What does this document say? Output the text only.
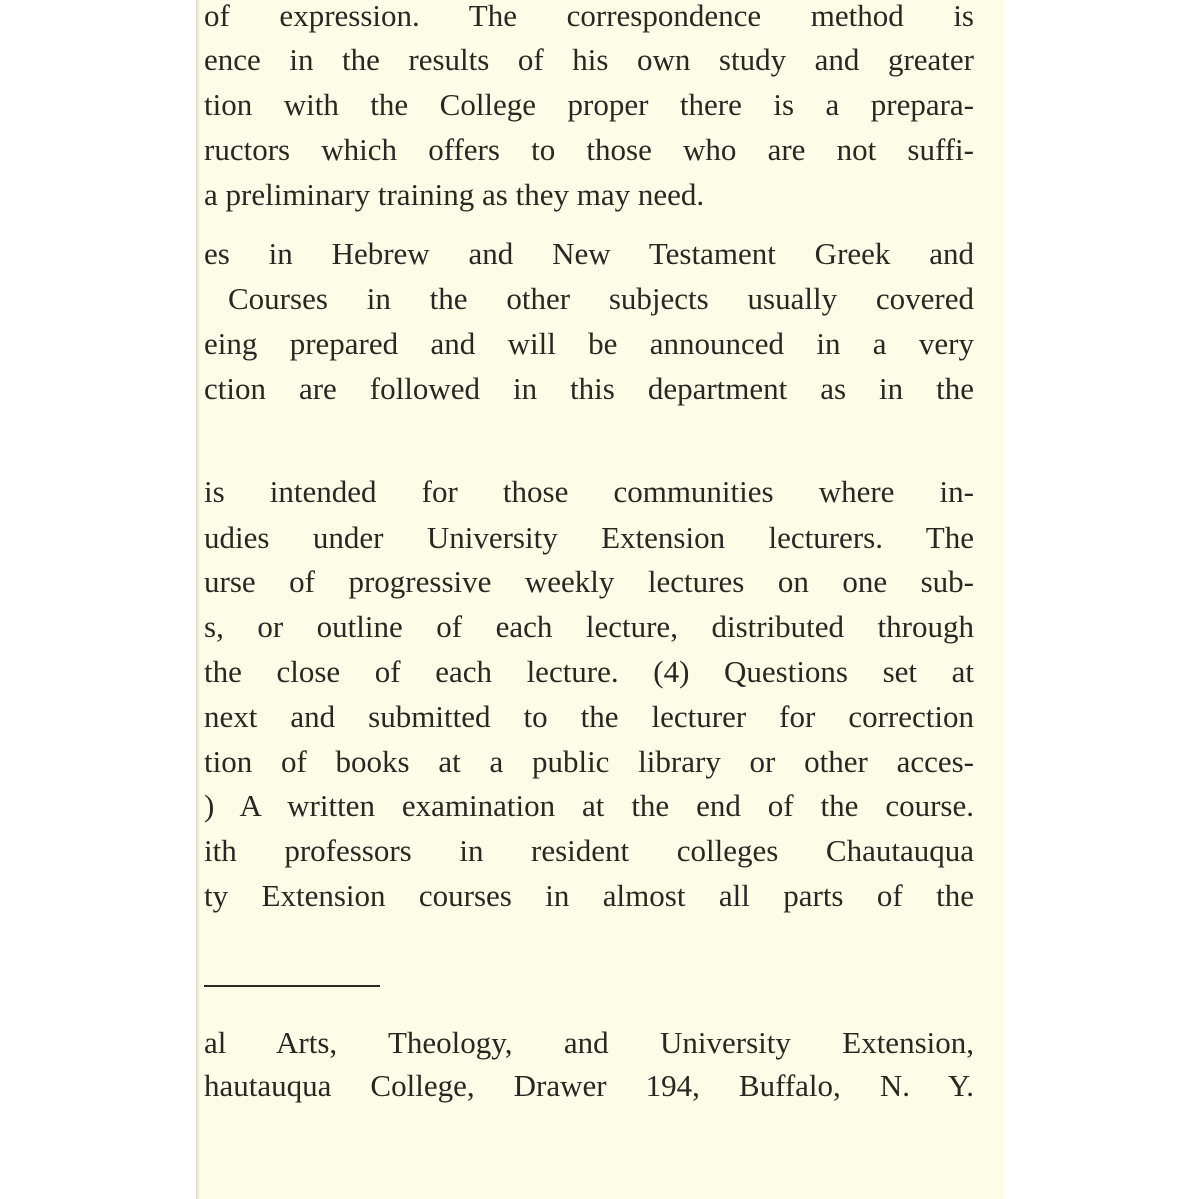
of expression. The correspondence method is
ence in the results of his own study and greater
tion with the College proper there is a prepara-
ructors which offers to those who are not suffi-
a preliminary training as they may need.
es in Hebrew and New Testament Greek and
Courses in the other subjects usually covered
eing prepared and will be announced in a very
ction are followed in this department as in the
is intended for those communities where in-
udies under University Extension lecturers. The
urse of progressive weekly lectures on one sub-
s, or outline of each lecture, distributed through
the close of each lecture. (4) Questions set at
next and submitted to the lecturer for correction
tion of books at a public library or other acces-
) A written examination at the end of the course.
ith professors in resident colleges Chautauqua
ty Extension courses in almost all parts of the
al Arts, Theology, and University Extension,
hautauqua College, Drawer 194, Buffalo, N. Y.
